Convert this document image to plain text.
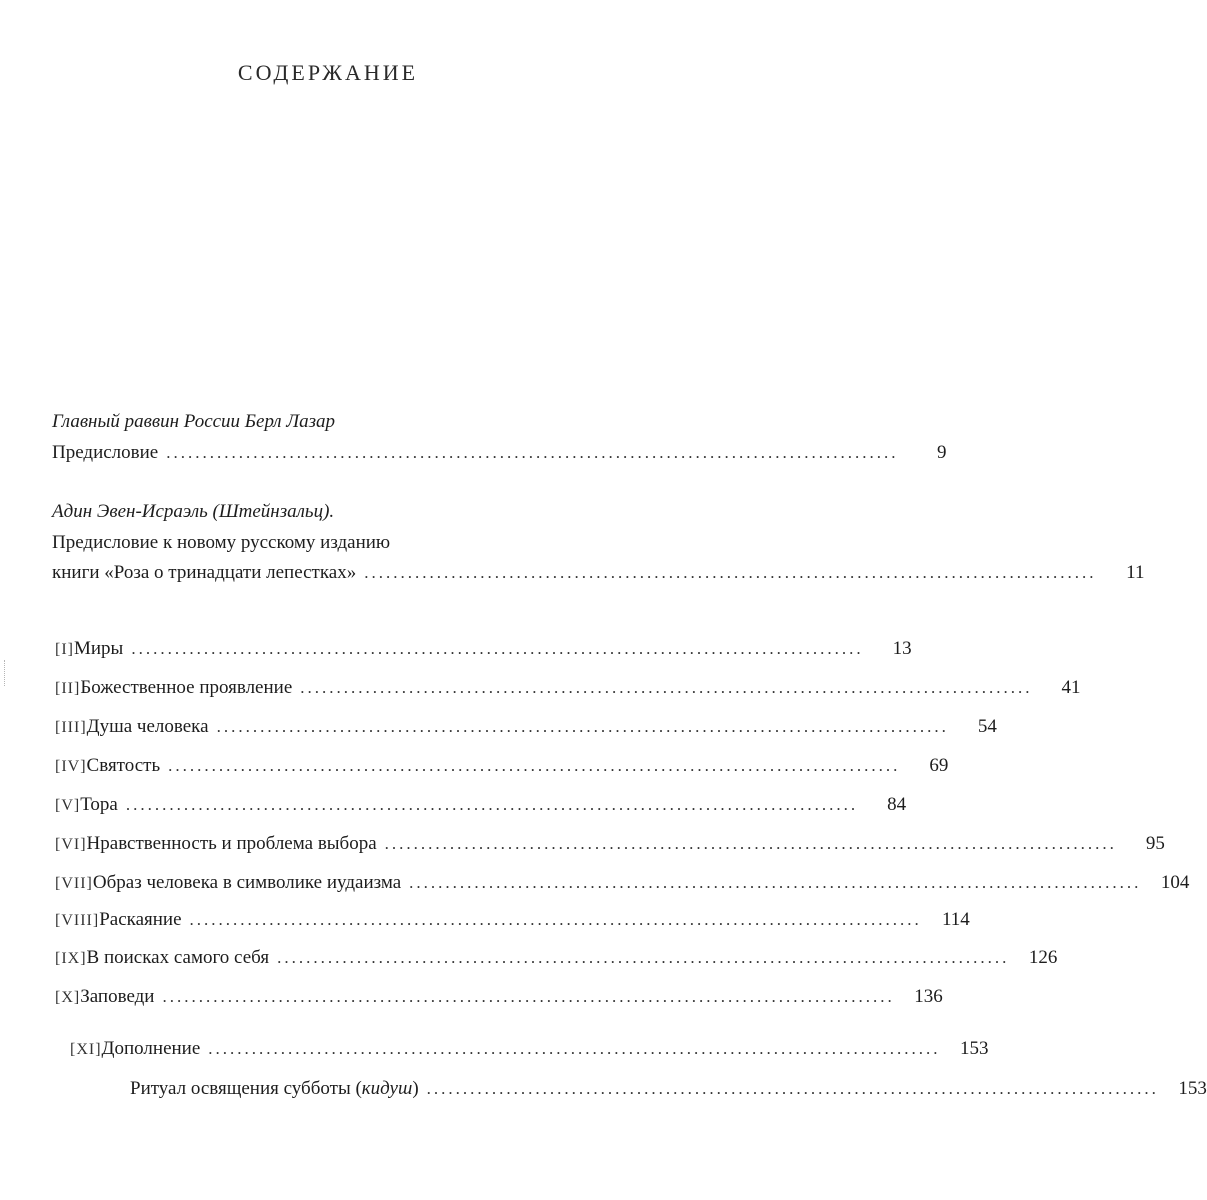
СОДЕРЖАНИЕ
Главный раввин России Берл Лазар
Предисловие .....................................................................................................	9
Адин Эвен-Исраэль (Штейнзальц).
Предисловие к новому русскому изданию
книги «Роза о тринадцати лепестках» .....................................................................................................	11
[I] Миры .....................................................................................................	13
[II] Божественное проявление .....................................................................................................	41
[III] Душа человека .....................................................................................................	54
[IV] Святость .....................................................................................................	69
[V] Тора .....................................................................................................	84
[VI] Нравственность и проблема выбора .....................................................................................................	95
[VII] Образ человека в символике иудаизма .....................................................................................................	104
[VIII] Раскаяние .....................................................................................................	114
[IX] В поисках самого себя .....................................................................................................	126
[X] Заповеди .....................................................................................................	136
[XI] Дополнение .....................................................................................................	153
Ритуал освящения субботы (кидуш) .....................................................................................................	153
